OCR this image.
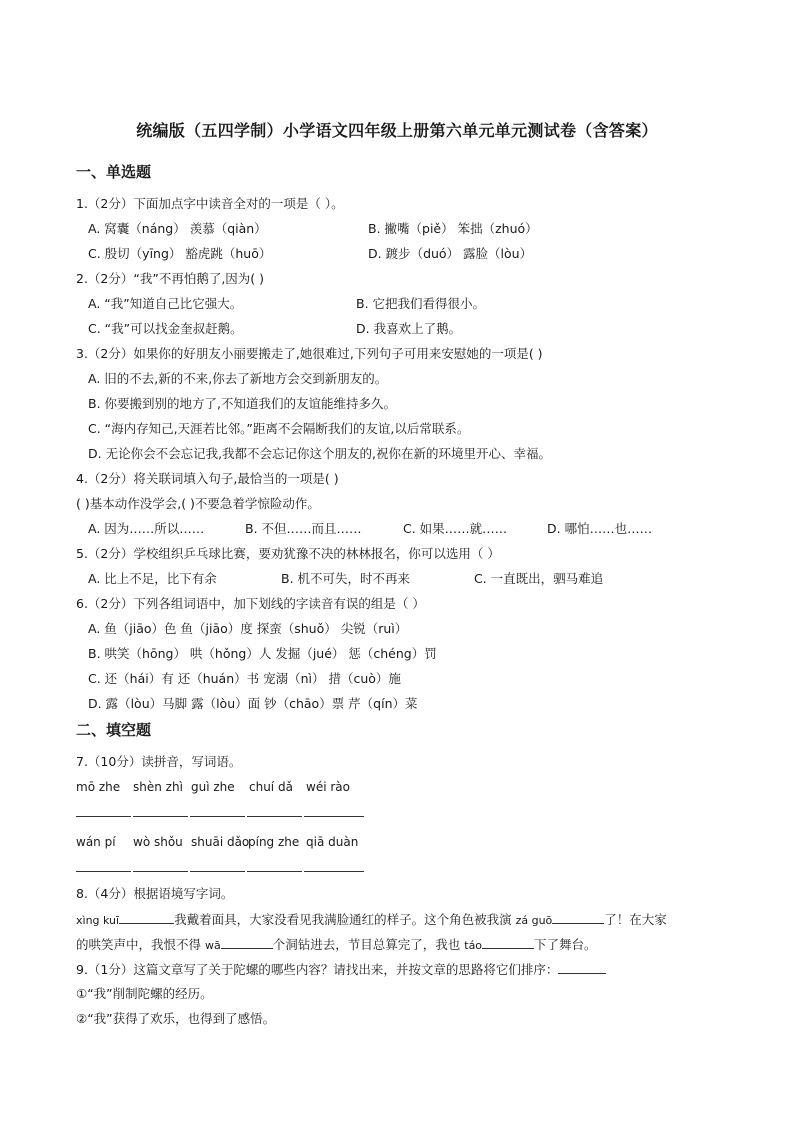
统编版（五四学制）小学语文四年级上册第六单元单元测试卷（含答案）
一、单选题
1.（2分）下面加点字中读音全对的一项是（ ）。
A. 窝囊（náng） 羡慕（qiàn）	B. 撇嘴（piě） 笨拙（zhuó）
C. 殷切（yīng） 豁虎跳（huō）	D. 踱步（duó） 露脸（lòu）
2.（2分）“我”不再怕鹅了,因为( )
A. “我”知道自己比它强大。	B. 它把我们看得很小。
C. “我”可以找金奎叔赶鹅。	D. 我喜欢上了鹅。
3.（2分）如果你的好朋友小丽要搬走了,她很难过,下列句子可用来安慰她的一项是( )
A. 旧的不去,新的不来,你去了新地方会交到新朋友的。
B. 你要搬到别的地方了,不知道我们的友谊能维持多久。
C. “海内存知己,天涯若比邻。”距离不会隔断我们的友谊,以后常联系。
D. 无论你会不会忘记我,我都不会忘记你这个朋友的,祝你在新的环境里开心、幸福。
4.（2分）将关联词填入句子,最恰当的一项是( )
( )基本动作没学会,( )不要急着学惊险动作。
A. 因为……所以……	B. 不但……而且……	C. 如果……就……	D. 哪怕……也……
5.（2分）学校组织乒乓球比赛，要劝犹豫不决的林林报名，你可以选用（ ）
A. 比上不足，比下有余	B. 机不可失，时不再来	C. 一直既出，驷马难追
6.（2分）下列各组词语中，加下划线的字读音有误的组是（ ）
A. 鱼（jiāo）色 鱼（jiāo）度 探蛮（shuǒ） 尖锐（ruì）
B. 哄笑（hōng） 哄（hǒng）人 发掘（jué） 惩（chéng）罚
C. 还（hái）有 还（huán）书 宠溺（nì） 措（cuò）施
D. 露（lòu）马脚 露（lòu）面 钞（chāo）票 芹（qín）菜
二、填空题
7.（10分）读拼音，写词语。
mō zhe shèn zhì guì zhe chuí dǎ wéi rào
wán pí wò shǒu shuāi dǎo
píng zhe qiā duàn
8.（4分）根据语境写字词。
xìng kuī	我戴着面具，大家没看见我满脸通红的样子。这个角色被我演 zá guō	了！在大家
的哄笑声中，我恨不得 wā	个洞钻进去，节目总算完了，我也 táo	下了舞台。
9.（1分）这篇文章写了关于陀螺的哪些内容？请找出来，并按文章的思路将它们排序：
①“我”削制陀螺的经历。
②“我”获得了欢乐，也得到了感悟。
